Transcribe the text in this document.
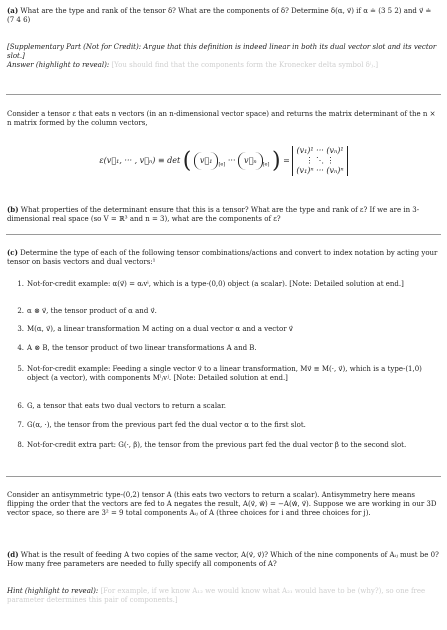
(a) What are the type and rank of the tensor δ? What are the components of δ? Determine δ(α, v⃗) if α ≐ (3 5 2) and v⃗ ≐ (7 4 6)

[Supplementary Part (Not for Credit): Argue that this definition is indeed linear in both its dual vector slot and its vector slot.]
Answer (highlight to reveal): [You should find that the components form the Kronecker delta symbol δⁱⱼ.]
Consider a tensor ε that eats n vectors (in an n-dimensional vector space) and returns the matrix determinant of the n × n matrix formed by the column vectors,
ε(v⃗₁, ··· , v⃗ₙ) ≡ det ( v⃗₁ $_{[e]}$ ··· v⃗ₙ $_{[e]}$ ) =
(v₁)¹ ··· (vₙ)¹
⋮ ⋱ ⋮
(v₁)ⁿ ··· (vₙ)ⁿ
(b) What properties of the determinant ensure that this is a tensor? What are the type and rank of ε? If we are in 3-dimensional real space (so V = ℝ³ and n = 3), what are the components of ε?
(c) Determine the type of each of the following tensor combinations/actions and convert to index notation by acting your tensor on basis vectors and dual vectors:¹
1. Not-for-credit example: α(v⃗) = αᵢvⁱ, which is a type-(0,0) object (a scalar). [Note: Detailed solution at end.]
2. α ⊗ v⃗, the tensor product of α and v⃗.
3. M(α, v⃗), a linear transformation M acting on a dual vector α and a vector v⃗
4. A ⊗ B, the tensor product of two linear transformations A and B.
5. Not-for-credit example: Feeding a single vector v⃗ to a linear transformation, Mv⃗ ≡ M(·, v⃗), which is a type-(1,0) object (a vector), with components Mⁱⱼvʲ. [Note: Detailed solution at end.]
6. G, a tensor that eats two dual vectors to return a scalar.
7. G(α, ·), the tensor from the previous part fed the dual vector α to the first slot.
8. Not-for-credit extra part: G(·, β), the tensor from the previous part fed the dual vector β to the second slot.
Consider an antisymmetric type-(0,2) tensor A (this eats two vectors to return a scalar). Antisymmetry here means flipping the order that the vectors are fed to A negates the result, A(v⃗, w⃗) = −A(w⃗, v⃗). Suppose we are working in our 3D vector space, so there are 3² = 9 total components Aᵢⱼ of A (three choices for i and three choices for j).
(d) What is the result of feeding A two copies of the same vector, A(v⃗, v⃗)? Which of the nine components of Aᵢⱼ must be 0? How many free parameters are needed to fully specify all components of A?
Hint (highlight to reveal): [For example, if we know A₁₂ we would know what A₂₁ would have to be (why?), so one free parameter determines this pair of components.]
